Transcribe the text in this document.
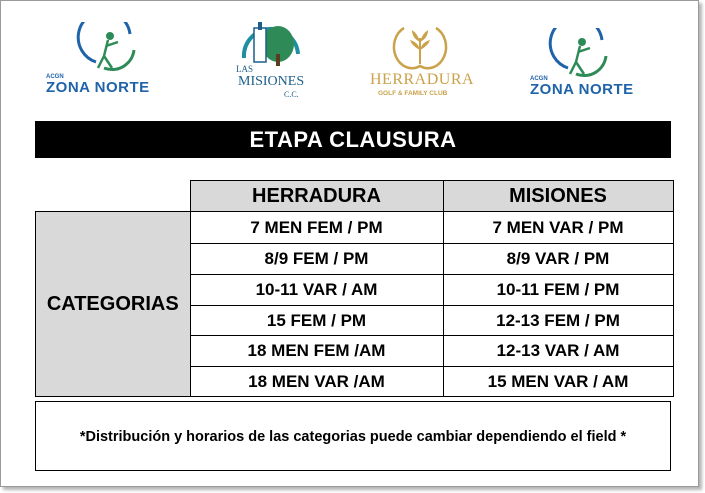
ACGN
ZONA NORTE
LAS
MISIONES
C.C.
HERRADURA
GOLF & FAMILY CLUB
ACGN
ZONA NORTE
ETAPA CLAUSURA
	HERRADURA	MISIONES
CATEGORIAS	7 MEN FEM / PM	7 MEN VAR / PM
	8/9 FEM / PM	8/9 VAR / PM
	10-11 VAR / AM	10-11 FEM / PM
	15 FEM / PM	12-13 FEM / PM
	18 MEN FEM /AM	12-13 VAR / AM
	18 MEN VAR /AM	15 MEN VAR / AM
*Distribución y horarios de las categorias puede cambiar dependiendo el field *
